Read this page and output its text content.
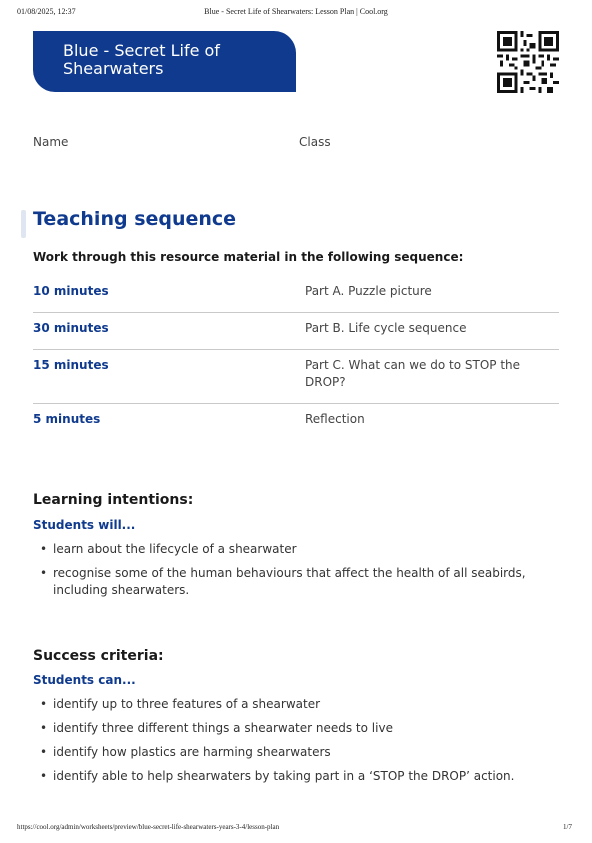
01/08/2025, 12:37	Blue - Secret Life of Shearwaters: Lesson Plan | Cool.org
Blue - Secret Life of Shearwaters
Name	Class
Teaching sequence
Work through this resource material in the following sequence:
10 minutes	Part A. Puzzle picture
30 minutes	Part B. Life cycle sequence
15 minutes	Part C. What can we do to STOP the DROP?
5 minutes	Reflection
Learning intentions:
Students will...
• learn about the lifecycle of a shearwater
• recognise some of the human behaviours that affect the health of all seabirds, including shearwaters.
Success criteria:
Students can...
• identify up to three features of a shearwater
• identify three different things a shearwater needs to live
• identify how plastics are harming shearwaters
• identify able to help shearwaters by taking part in a ‘STOP the DROP’ action.
https://cool.org/admin/worksheets/preview/blue-secret-life-shearwaters-years-3-4/lesson-plan	1/7
